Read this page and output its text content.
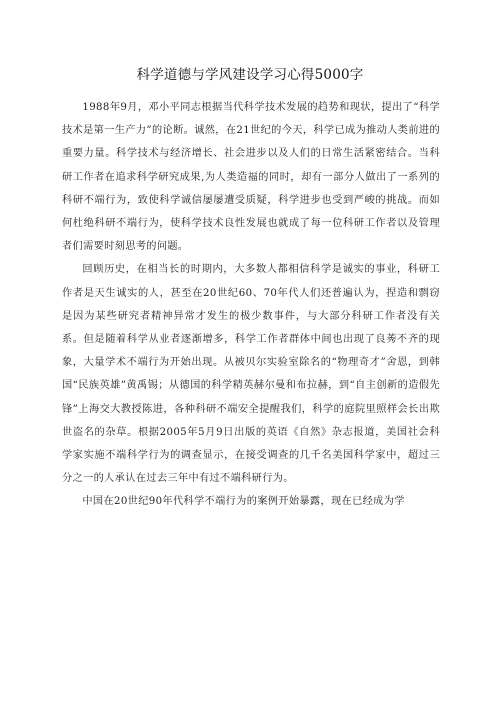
科学道德与学风建设学习心得5000字

1988年9月，邓小平同志根据当代科学技术发展的趋势和现状，提出了“科学技术是第一生产力”的论断。诚然，在21世纪的今天，科学已成为推动人类前进的重要力量。科学技术与经济增长、社会进步以及人们的日常生活紧密结合。当科研工作者在追求科学研究成果,为人类造福的同时，却有一部分人做出了一系列的科研不端行为，致使科学诚信屡屡遭受质疑，科学进步也受到严峻的挑战。而如何杜绝科研不端行为，使科学技术良性发展也就成了每一位科研工作者以及管理者们需要时刻思考的问题。

回顾历史，在相当长的时期内，大多数人都相信科学是诚实的事业，科研工作者是天生诚实的人，甚至在20世纪60、70年代人们还普遍认为，捏造和剽窃是因为某些研究者精神异常才发生的极少数事件，与大部分科研工作者没有关系。但是随着科学从业者逐渐增多，科学工作者群体中间也出现了良莠不齐的现象，大量学术不端行为开始出现。从被贝尔实验室除名的“物理奇才”舍恩，到韩国“民族英雄”黄禹锡；从德国的科学精英赫尔曼和布拉赫，到“自主创新的造假先锋”上海交大教授陈进，各种科研不端安全提醒我们，科学的庭院里照样会长出欺世盗名的杂草。根据2005年5月9日出版的英语《自然》杂志报道，美国社会科学家实施不端科学行为的调查显示，在接受调查的几千名美国科学家中，超过三分之一的人承认在过去三年中有过不端科研行为。

中国在20世纪90年代科学不端行为的案例开始暴露，现在已经成为学
